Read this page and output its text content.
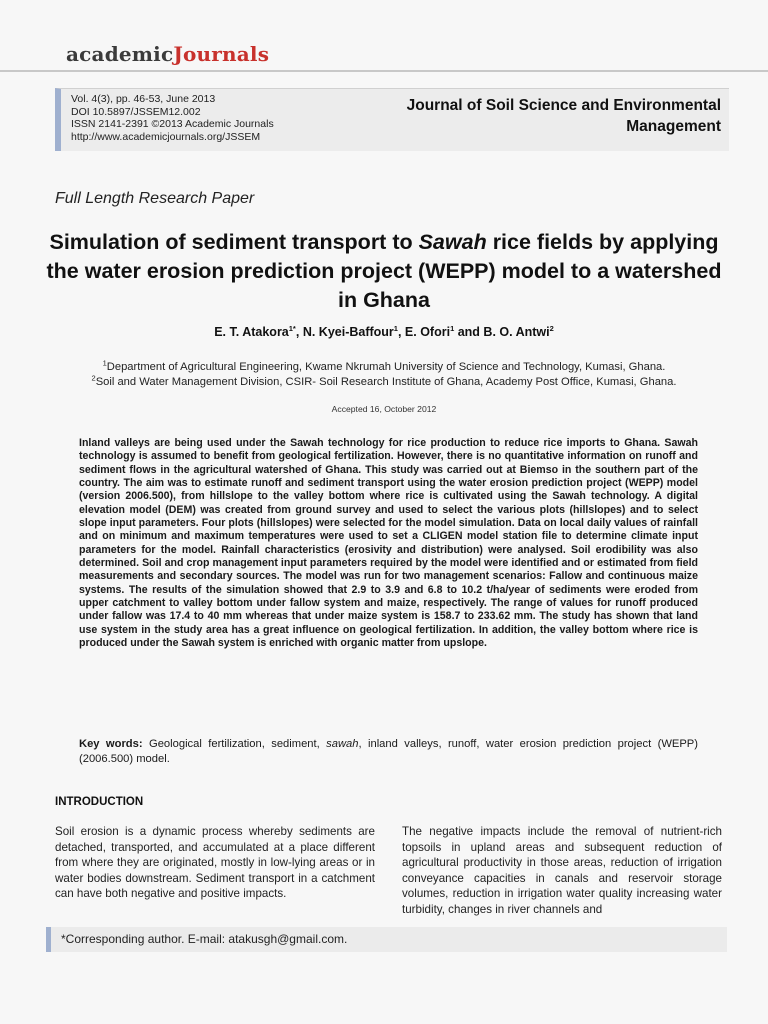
academicJournals
Vol. 4(3), pp. 46-53, June 2013
DOI 10.5897/JSSEM12.002
ISSN 2141-2391 ©2013 Academic Journals
http://www.academicjournals.org/JSSEM
Journal of Soil Science and Environmental
Management
Full Length Research Paper
Simulation of sediment transport to Sawah rice fields by applying the water erosion prediction project (WEPP) model to a watershed in Ghana
E. T. Atakora$^{1*}$, N. Kyei-Baffour$^1$, E. Ofori$^1$ and B. O. Antwi$^2$
$^1$Department of Agricultural Engineering, Kwame Nkrumah University of Science and Technology, Kumasi, Ghana.
$^2$Soil and Water Management Division, CSIR- Soil Research Institute of Ghana, Academy Post Office, Kumasi, Ghana.
Accepted 16, October 2012
Inland valleys are being used under the Sawah technology for rice production to reduce rice imports to Ghana. Sawah technology is assumed to benefit from geological fertilization. However, there is no quantitative information on runoff and sediment flows in the agricultural watershed of Ghana. This study was carried out at Biemso in the southern part of the country. The aim was to estimate runoff and sediment transport using the water erosion prediction project (WEPP) model (version 2006.500), from hillslope to the valley bottom where rice is cultivated using the Sawah technology. A digital elevation model (DEM) was created from ground survey and used to select the various plots (hillslopes) and to select slope input parameters. Four plots (hillslopes) were selected for the model simulation. Data on local daily values of rainfall and on minimum and maximum temperatures were used to set a CLIGEN model station file to determine climate input parameters for the model. Rainfall characteristics (erosivity and distribution) were analysed. Soil erodibility was also determined. Soil and crop management input parameters required by the model were identified and or estimated from field measurements and secondary sources. The model was run for two management scenarios: Fallow and continuous maize systems. The results of the simulation showed that 2.9 to 3.9 and 6.8 to 10.2 t/ha/year of sediments were eroded from upper catchment to valley bottom under fallow system and maize, respectively. The range of values for runoff produced under fallow was 17.4 to 40 mm whereas that under maize system is 158.7 to 233.62 mm. The study has shown that land use system in the study area has a great influence on geological fertilization. In addition, the valley bottom where rice is produced under the Sawah system is enriched with organic matter from upslope.
Key words: Geological fertilization, sediment, sawah, inland valleys, runoff, water erosion prediction project (WEPP) (2006.500) model.
INTRODUCTION
Soil erosion is a dynamic process whereby sediments are detached, transported, and accumulated at a place different from where they are originated, mostly in low-lying areas or in water bodies downstream. Sediment transport in a catchment can have both negative and positive impacts.
The negative impacts include the removal of nutrient-rich topsoils in upland areas and subsequent reduction of agricultural productivity in those areas, reduction of irrigation conveyance capacities in canals and reservoir storage volumes, reduction in irrigation water quality increasing water turbidity, changes in river channels and
*Corresponding author. E-mail: atakusgh@gmail.com.
